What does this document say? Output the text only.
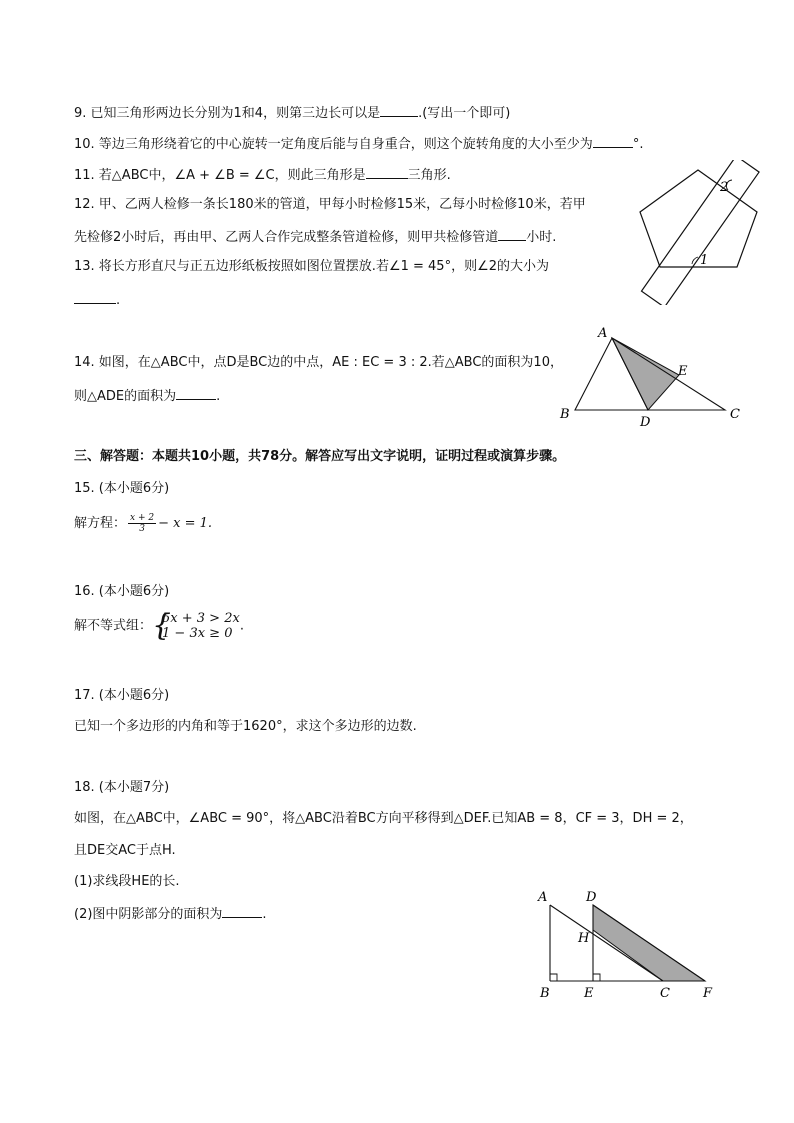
9. 已知三角形两边长分别为1和4，则第三边长可以是	.(写出一个即可)
10. 等边三角形绕着它的中心旋转一定角度后能与自身重合，则这个旋转角度的大小至少为	°.
11. 若△ABC中，∠A + ∠B = ∠C，则此三角形是	三角形.
12. 甲、乙两人检修一条长180米的管道，甲每小时检修15米，乙每小时检修10米，若甲
先检修2小时后，再由甲、乙两人合作完成整条管道检修，则甲共检修管道 小时.
13. 将长方形直尺与正五边形纸板按照如图位置摆放.若∠1 = 45°，则∠2的大小为
.
1
2
14. 如图，在△ABC中，点D是BC边的中点，AE : EC = 3 : 2.若△ABC的面积为10，
则△ADE的面积为	.
A
B	C
D
E
三、解答题：本题共10小题，共78分。解答应写出文字说明，证明过程或演算步骤。
15. (本小题6分)
解方程： $\frac{x + 2}{3} - x = 1$.
16. (本小题6分)
解不等式组： {
5x + 3 > 2x
1 − 3x ≥ 0 .
17. (本小题6分)
已知一个多边形的内角和等于1620°，求这个多边形的边数.
18. (本小题7分)
如图，在△ABC中，∠ABC = 90°，将△ABC沿着BC方向平移得到△DEF.已知AB = 8，CF = 3，DH = 2，
且DE交AC于点H.
(1)求线段HE的长.
(2)图中阴影部分的面积为	.
A	D
H
B	E	C	F
